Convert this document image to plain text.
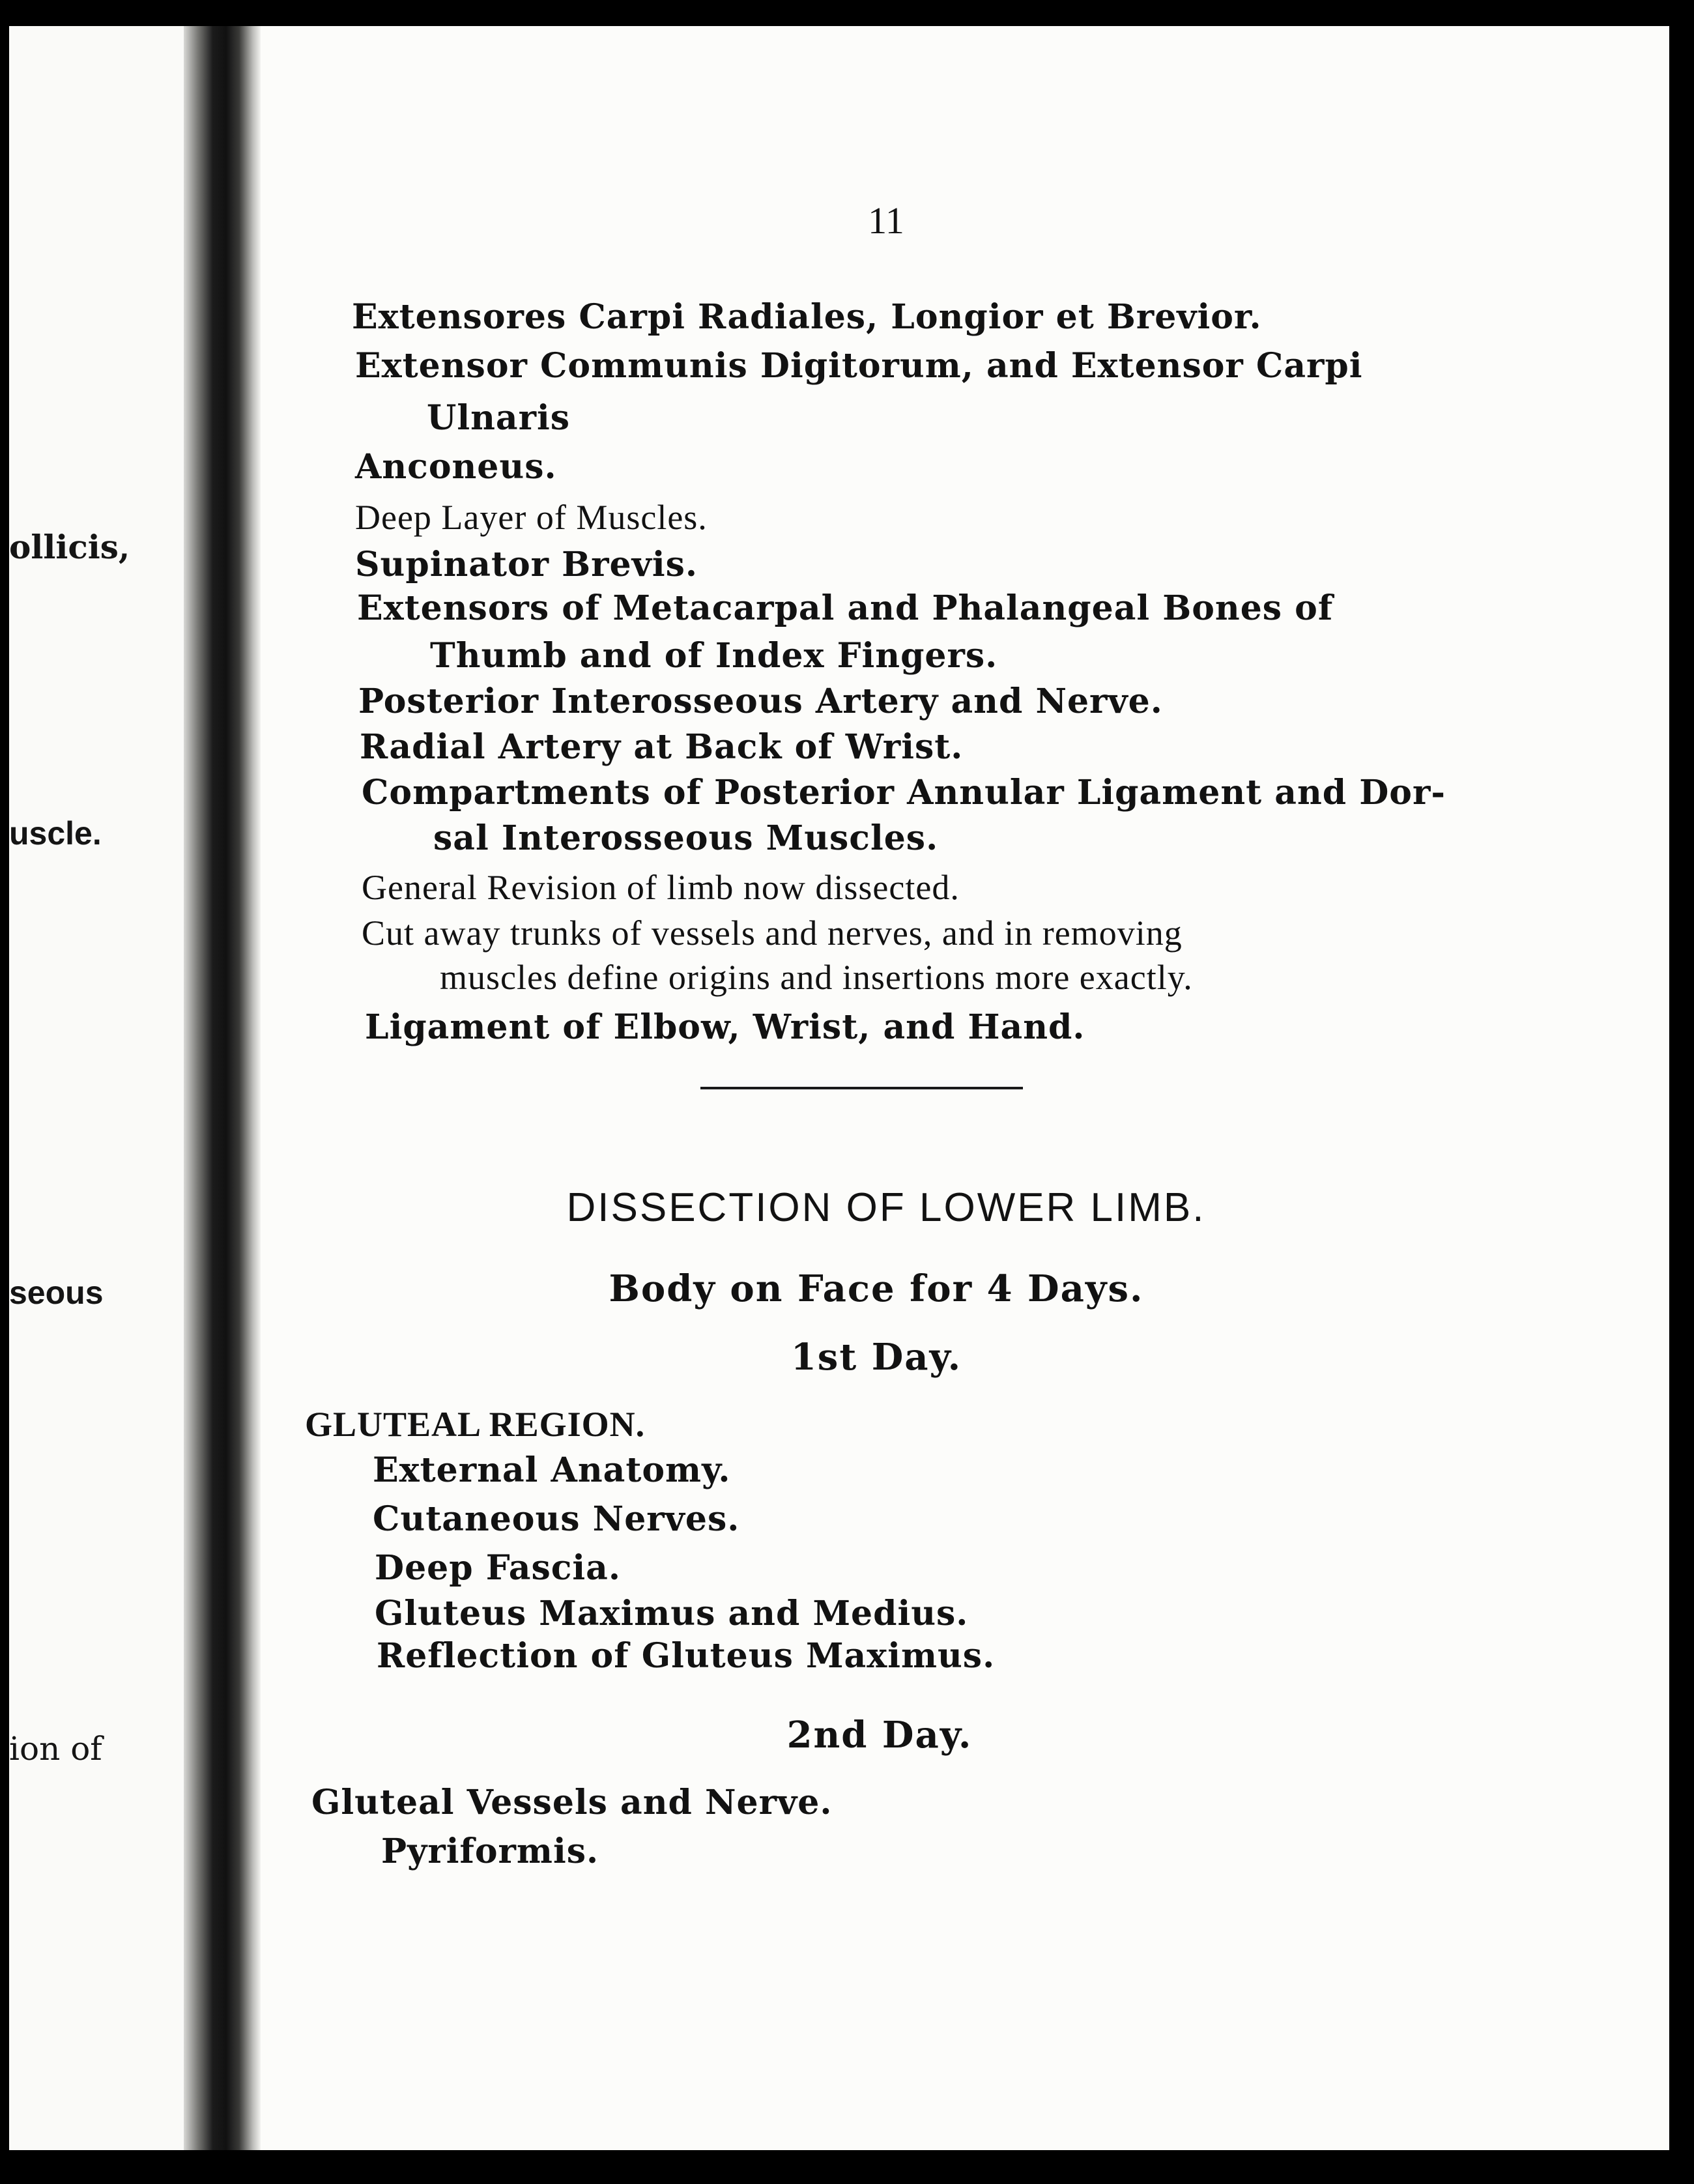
ollicis,
uscle.
seous
ion of
11
Extensores Carpi Radiales, Longior et Brevior.
Extensor Communis Digitorum, and Extensor Carpi
Ulnaris
Anconeus.
Deep Layer of Muscles.
Supinator Brevis.
Extensors of Metacarpal and Phalangeal Bones of
Thumb and of Index Fingers.
Posterior Interosseous Artery and Nerve.
Radial Artery at Back of Wrist.
Compartments of Posterior Annular Ligament and Dor-
sal Interosseous Muscles.
General Revision of limb now dissected.
Cut away trunks of vessels and nerves, and in removing
muscles define origins and insertions more exactly.
Ligament of Elbow, Wrist, and Hand.
DISSECTION OF LOWER LIMB.
Body on Face for 4 Days.
1st Day.
GLUTEAL REGION.
External Anatomy.
Cutaneous Nerves.
Deep Fascia.
Gluteus Maximus and Medius.
Reflection of Gluteus Maximus.
2nd Day.
Gluteal Vessels and Nerve.
Pyriformis.
